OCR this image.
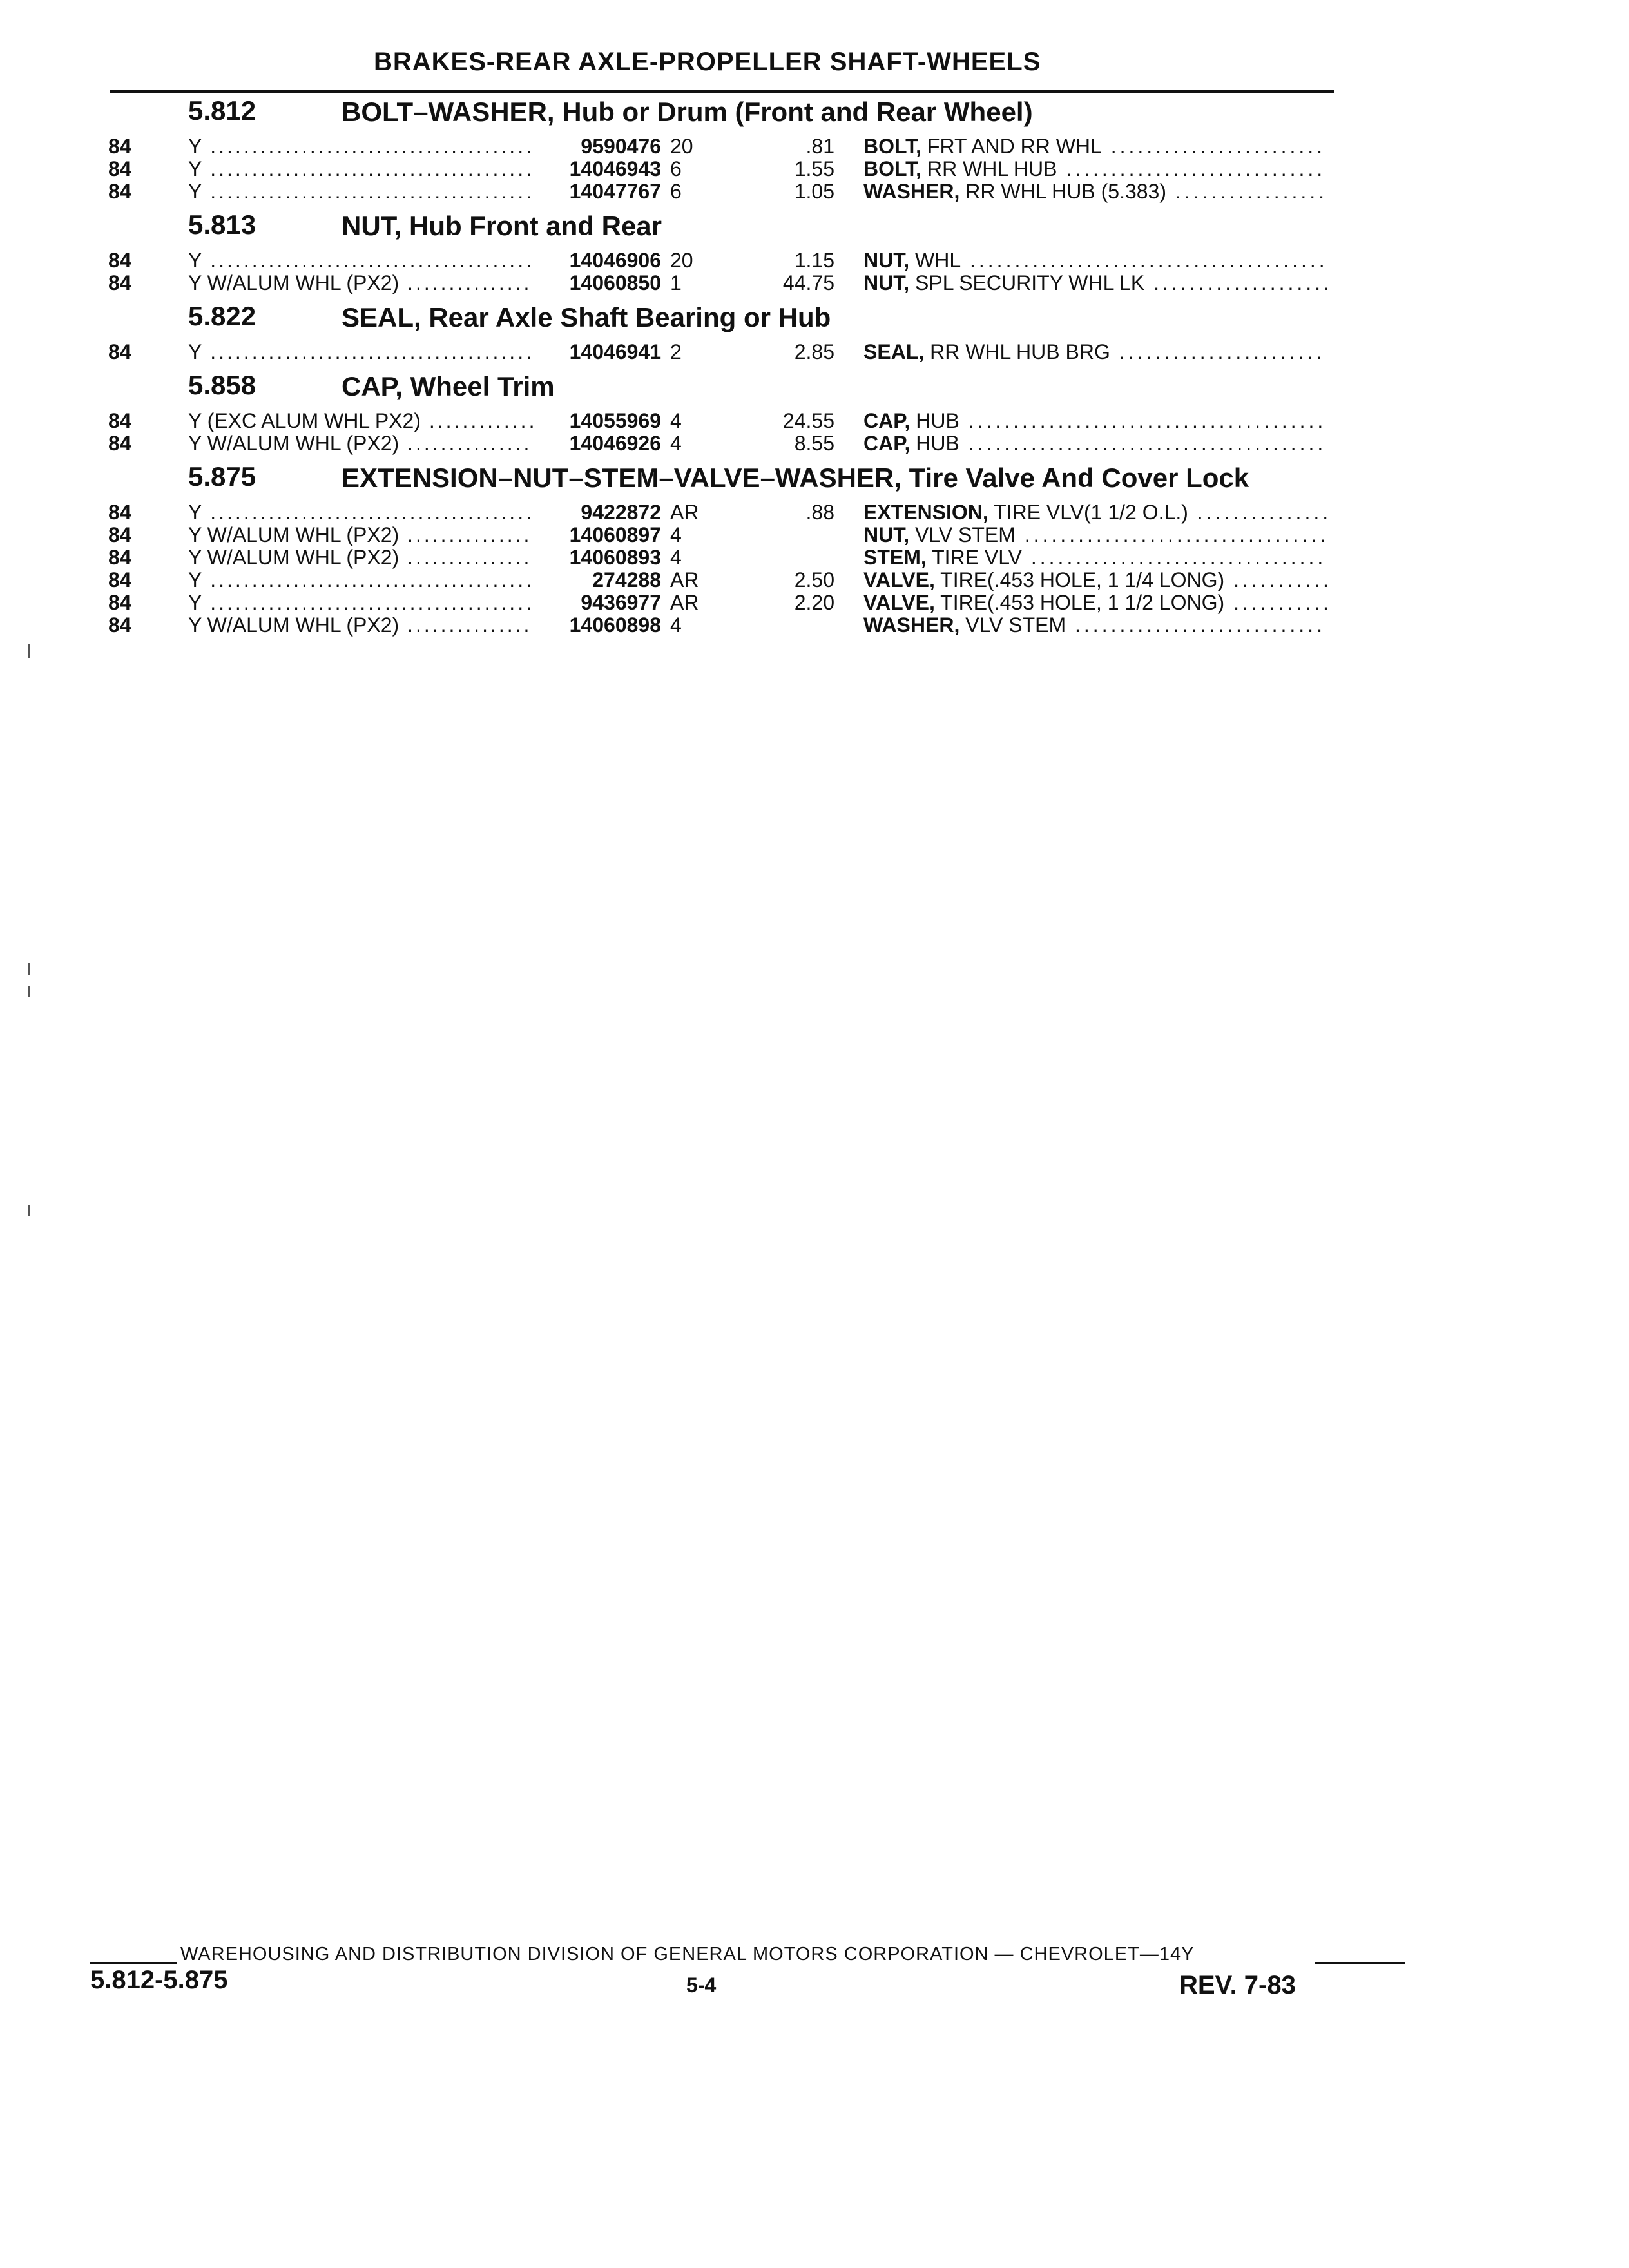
BRAKES-REAR AXLE-PROPELLER SHAFT-WHEELS
5.812	BOLT–WASHER, Hub or Drum (Front and Rear Wheel)
84	Y .....	9590476 20	.81 BOLT, FRT AND RR WHL .....
84	Y .....	14046943 6	1.55 BOLT, RR WHL HUB .....
84	Y .....	14047767 6	1.05 WASHER, RR WHL HUB (5.383) .....
5.813	NUT, Hub Front and Rear
84	Y .....	14046906 20	1.15 NUT, WHL .....
84	Y W/ALUM WHL (PX2) .....	14060850 1	44.75 NUT, SPL SECURITY WHL LK .....
5.822	SEAL, Rear Axle Shaft Bearing or Hub
84	Y .....	14046941 2	2.85 SEAL, RR WHL HUB BRG .....
5.858	CAP, Wheel Trim
84	Y (EXC ALUM WHL PX2) .....	14055969 4	24.55 CAP, HUB .....
84	Y W/ALUM WHL (PX2) .....	14046926 4	8.55 CAP, HUB .....
5.875	EXTENSION–NUT–STEM–VALVE–WASHER, Tire Valve And Cover Lock
84	Y .....	9422872 AR	.88 EXTENSION, TIRE VLV(1 1/2 O.L.) .....
84	Y W/ALUM WHL (PX2) .....	14060897 4	NUT, VLV STEM .....
84	Y W/ALUM WHL (PX2) .....	14060893 4	STEM, TIRE VLV .....
84	Y .....	274288 AR	2.50 VALVE, TIRE(.453 HOLE, 1 1/4 LONG) .....
84	Y .....	9436977 AR	2.20 VALVE, TIRE(.453 HOLE, 1 1/2 LONG) .....
84	Y W/ALUM WHL (PX2) .....	14060898 4	WASHER, VLV STEM .....
WAREHOUSING AND DISTRIBUTION DIVISION OF GENERAL MOTORS CORPORATION — CHEVROLET—14Y
5.812-5.875	5-4	REV. 7-83
